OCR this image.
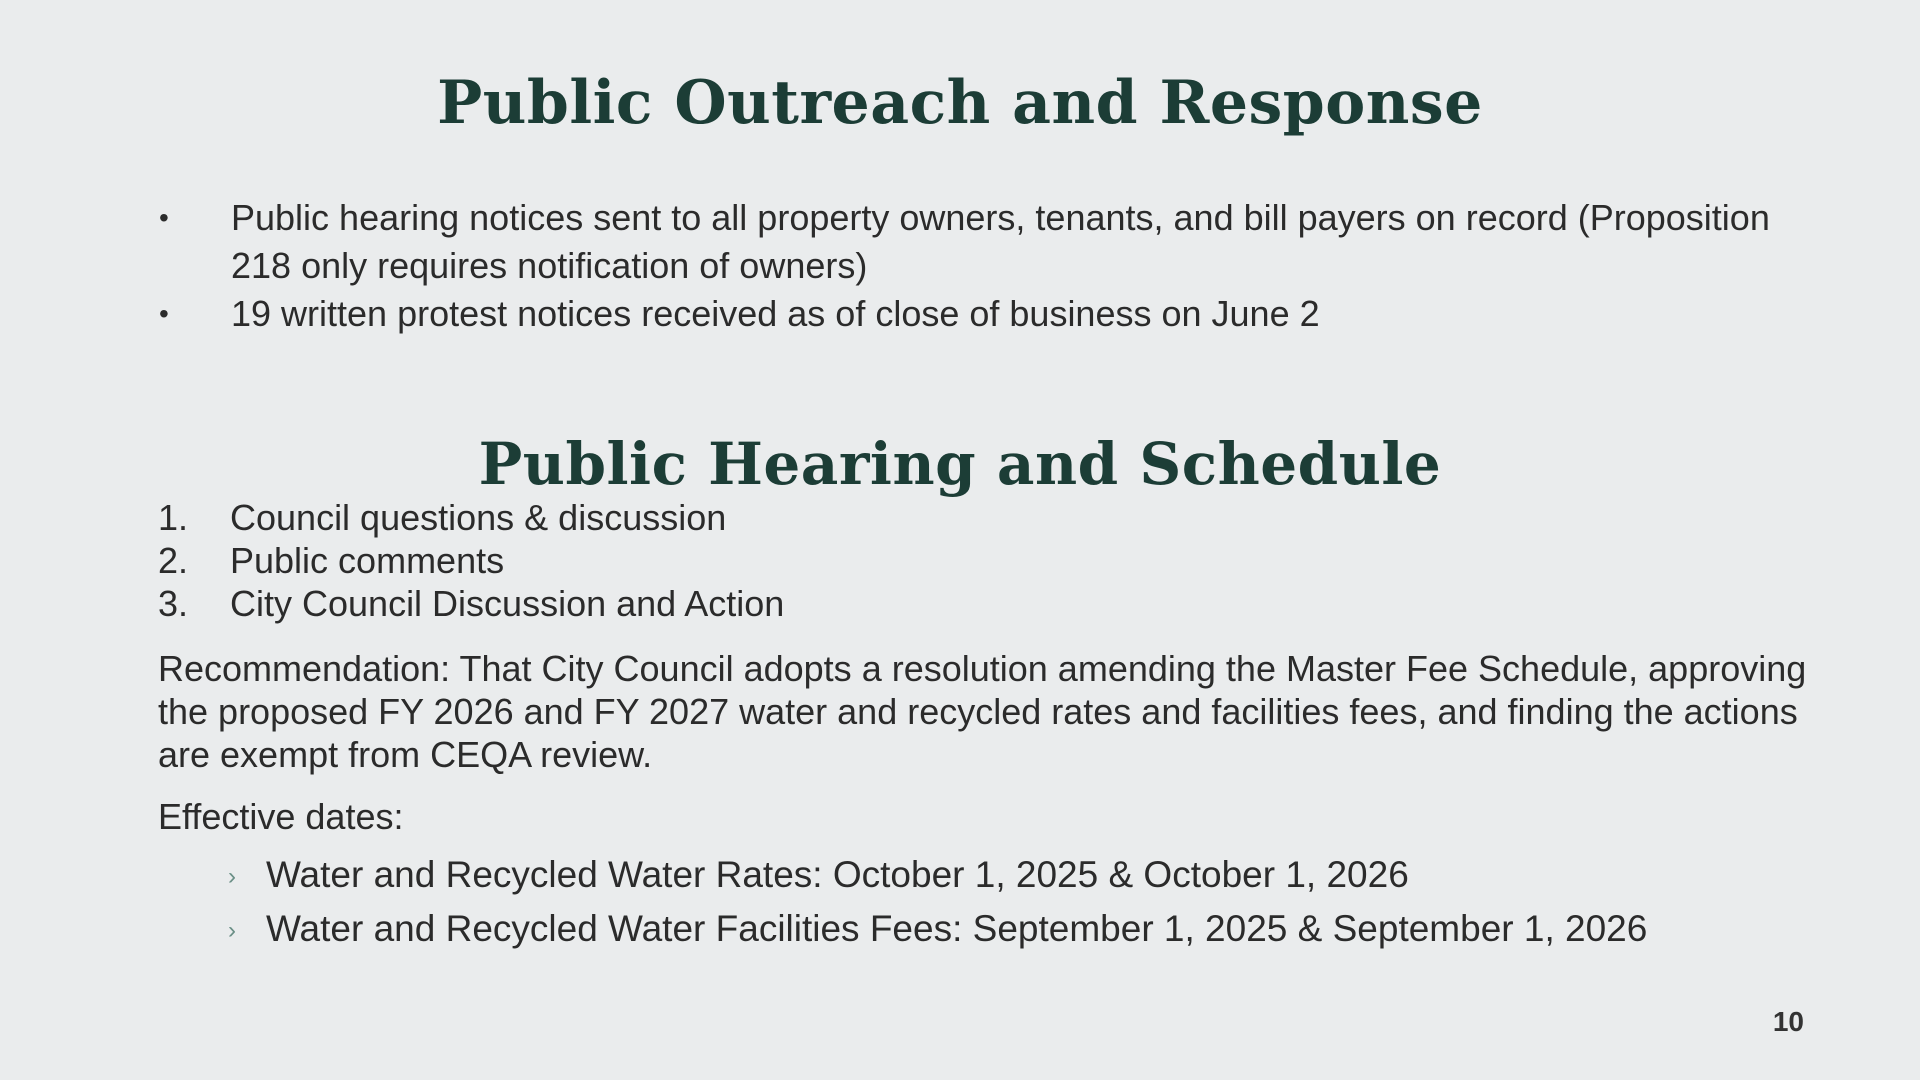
Public Outreach and Response
• Public hearing notices sent to all property owners, tenants, and bill payers on record (Proposition 218 only requires notification of owners)
• 19 written protest notices received as of close of business on June 2
Public Hearing and Schedule
1. Council questions & discussion
2. Public comments
3. City Council Discussion and Action

Recommendation: That City Council adopts a resolution amending the Master Fee Schedule, approving the proposed FY 2026 and FY 2027 water and recycled rates and facilities fees, and finding the actions are exempt from CEQA review.

Effective dates:

› Water and Recycled Water Rates: October 1, 2025 & October 1, 2026
› Water and Recycled Water Facilities Fees: September 1, 2025 & September 1, 2026
10
